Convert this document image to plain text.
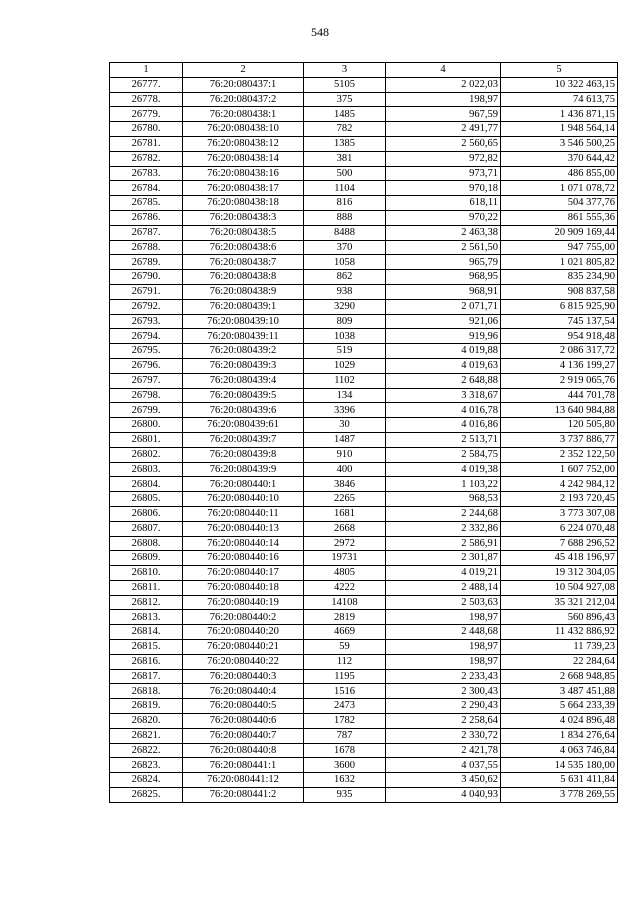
548
1	2	3	4	5
26777.	76:20:080437:1	5105	2 022,03	10 322 463,15
26778.	76:20:080437:2	375	198,97	74 613,75
26779.	76:20:080438:1	1485	967,59	1 436 871,15
26780.	76:20:080438:10	782	2 491,77	1 948 564,14
26781.	76:20:080438:12	1385	2 560,65	3 546 500,25
26782.	76:20:080438:14	381	972,82	370 644,42
26783.	76:20:080438:16	500	973,71	486 855,00
26784.	76:20:080438:17	1104	970,18	1 071 078,72
26785.	76:20:080438:18	816	618,11	504 377,76
26786.	76:20:080438:3	888	970,22	861 555,36
26787.	76:20:080438:5	8488	2 463,38	20 909 169,44
26788.	76:20:080438:6	370	2 561,50	947 755,00
26789.	76:20:080438:7	1058	965,79	1 021 805,82
26790.	76:20:080438:8	862	968,95	835 234,90
26791.	76:20:080438:9	938	968,91	908 837,58
26792.	76:20:080439:1	3290	2 071,71	6 815 925,90
26793.	76:20:080439:10	809	921,06	745 137,54
26794.	76:20:080439:11	1038	919,96	954 918,48
26795.	76:20:080439:2	519	4 019,88	2 086 317,72
26796.	76:20:080439:3	1029	4 019,63	4 136 199,27
26797.	76:20:080439:4	1102	2 648,88	2 919 065,76
26798.	76:20:080439:5	134	3 318,67	444 701,78
26799.	76:20:080439:6	3396	4 016,78	13 640 984,88
26800.	76:20:080439:61	30	4 016,86	120 505,80
26801.	76:20:080439:7	1487	2 513,71	3 737 886,77
26802.	76:20:080439:8	910	2 584,75	2 352 122,50
26803.	76:20:080439:9	400	4 019,38	1 607 752,00
26804.	76:20:080440:1	3846	1 103,22	4 242 984,12
26805.	76:20:080440:10	2265	968,53	2 193 720,45
26806.	76:20:080440:11	1681	2 244,68	3 773 307,08
26807.	76:20:080440:13	2668	2 332,86	6 224 070,48
26808.	76:20:080440:14	2972	2 586,91	7 688 296,52
26809.	76:20:080440:16	19731	2 301,87	45 418 196,97
26810.	76:20:080440:17	4805	4 019,21	19 312 304,05
26811.	76:20:080440:18	4222	2 488,14	10 504 927,08
26812.	76:20:080440:19	14108	2 503,63	35 321 212,04
26813.	76:20:080440:2	2819	198,97	560 896,43
26814.	76:20:080440:20	4669	2 448,68	11 432 886,92
26815.	76:20:080440:21	59	198,97	11 739,23
26816.	76:20:080440:22	112	198,97	22 284,64
26817.	76:20:080440:3	1195	2 233,43	2 668 948,85
26818.	76:20:080440:4	1516	2 300,43	3 487 451,88
26819.	76:20:080440:5	2473	2 290,43	5 664 233,39
26820.	76:20:080440:6	1782	2 258,64	4 024 896,48
26821.	76:20:080440:7	787	2 330,72	1 834 276,64
26822.	76:20:080440:8	1678	2 421,78	4 063 746,84
26823.	76:20:080441:1	3600	4 037,55	14 535 180,00
26824.	76:20:080441:12	1632	3 450,62	5 631 411,84
26825.	76:20:080441:2	935	4 040,93	3 778 269,55
